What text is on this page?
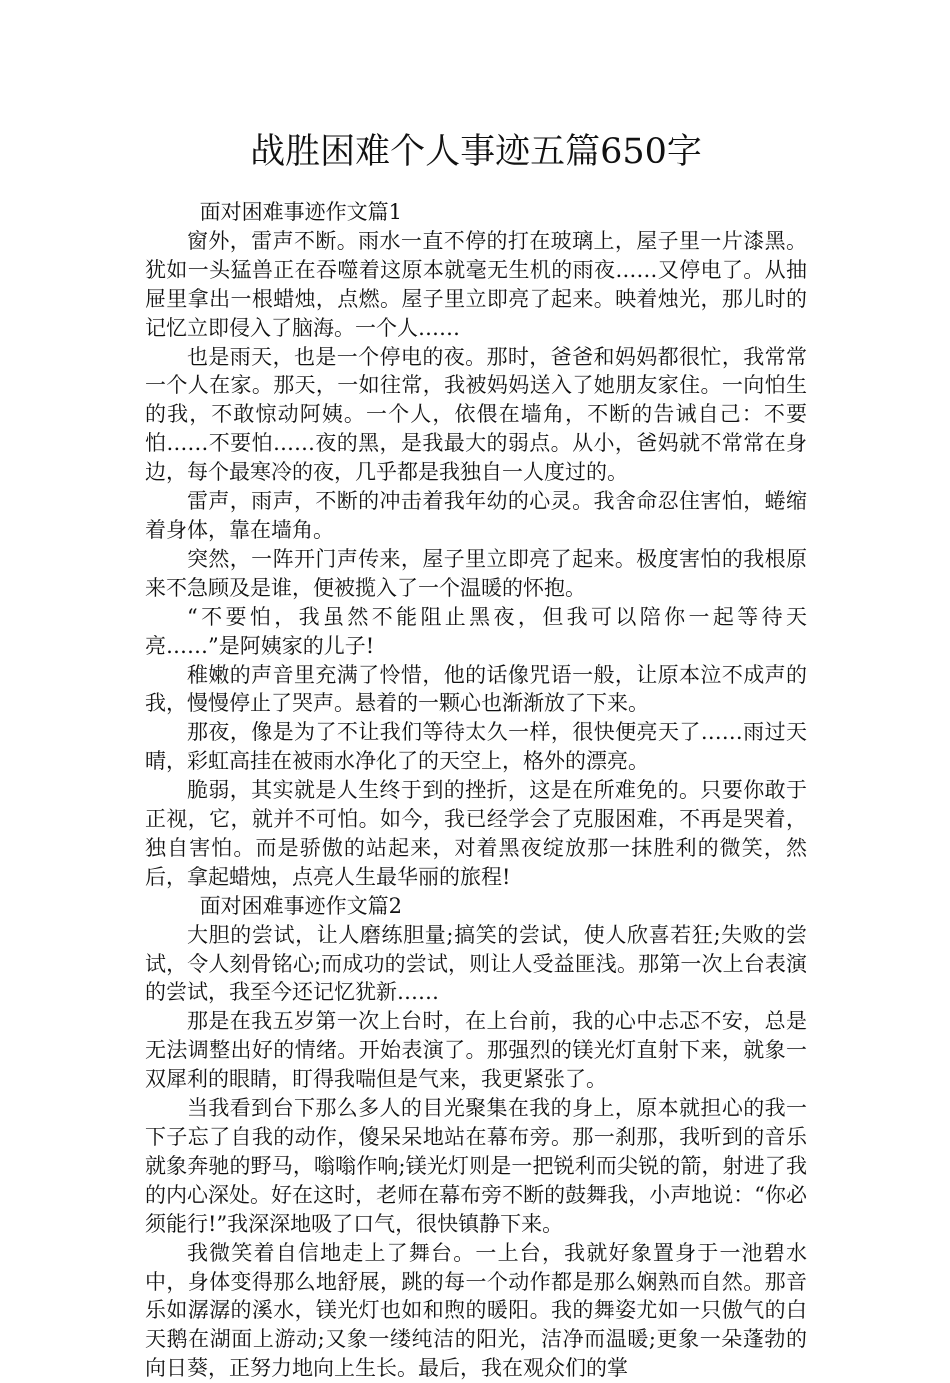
战胜困难个人事迹五篇650字

面对困难事迹作文篇1

窗外，雷声不断。雨水一直不停的打在玻璃上，屋子里一片漆黑。犹如一头猛兽正在吞噬着这原本就毫无生机的雨夜……又停电了。从抽屉里拿出一根蜡烛，点燃。屋子里立即亮了起来。映着烛光，那儿时的记忆立即侵入了脑海。一个人……

也是雨天，也是一个停电的夜。那时，爸爸和妈妈都很忙，我常常一个人在家。那天，一如往常，我被妈妈送入了她朋友家住。一向怕生的我，不敢惊动阿姨。一个人，依偎在墙角，不断的告诫自己：不要怕……不要怕……夜的黑，是我最大的弱点。从小，爸妈就不常常在身边，每个最寒冷的夜，几乎都是我独自一人度过的。

雷声，雨声，不断的冲击着我年幼的心灵。我舍命忍住害怕，蜷缩着身体，靠在墙角。

突然，一阵开门声传来，屋子里立即亮了起来。极度害怕的我根原来不急顾及是谁，便被揽入了一个温暖的怀抱。

“不要怕，我虽然不能阻止黑夜，但我可以陪你一起等待天亮……”是阿姨家的儿子!

稚嫩的声音里充满了怜惜，他的话像咒语一般，让原本泣不成声的我，慢慢停止了哭声。悬着的一颗心也渐渐放了下来。

那夜，像是为了不让我们等待太久一样，很快便亮天了……雨过天晴，彩虹高挂在被雨水净化了的天空上，格外的漂亮。

脆弱，其实就是人生终于到的挫折，这是在所难免的。只要你敢于正视，它，就并不可怕。如今，我已经学会了克服困难，不再是哭着，独自害怕。而是骄傲的站起来，对着黑夜绽放那一抹胜利的微笑，然后，拿起蜡烛，点亮人生最华丽的旅程!

面对困难事迹作文篇2

大胆的尝试，让人磨练胆量;搞笑的尝试，使人欣喜若狂;失败的尝试，令人刻骨铭心;而成功的尝试，则让人受益匪浅。那第一次上台表演的尝试，我至今还记忆犹新……

那是在我五岁第一次上台时，在上台前，我的心中忐忑不安，总是无法调整出好的情绪。开始表演了。那强烈的镁光灯直射下来，就象一双犀利的眼睛，盯得我喘但是气来，我更紧张了。

当我看到台下那么多人的目光聚集在我的身上，原本就担心的我一下子忘了自我的动作，傻呆呆地站在幕布旁。那一刹那，我听到的音乐就象奔驰的野马，嗡嗡作响;镁光灯则是一把锐利而尖锐的箭，射进了我的内心深处。好在这时，老师在幕布旁不断的鼓舞我，小声地说：“你必须能行!”我深深地吸了口气，很快镇静下来。

我微笑着自信地走上了舞台。一上台，我就好象置身于一池碧水中，身体变得那么地舒展，跳的每一个动作都是那么娴熟而自然。那音乐如潺潺的溪水，镁光灯也如和煦的暖阳。我的舞姿尤如一只傲气的白天鹅在湖面上游动;又象一缕纯洁的阳光，洁净而温暖;更象一朵蓬勃的向日葵，正努力地向上生长。最后，我在观众们的掌
